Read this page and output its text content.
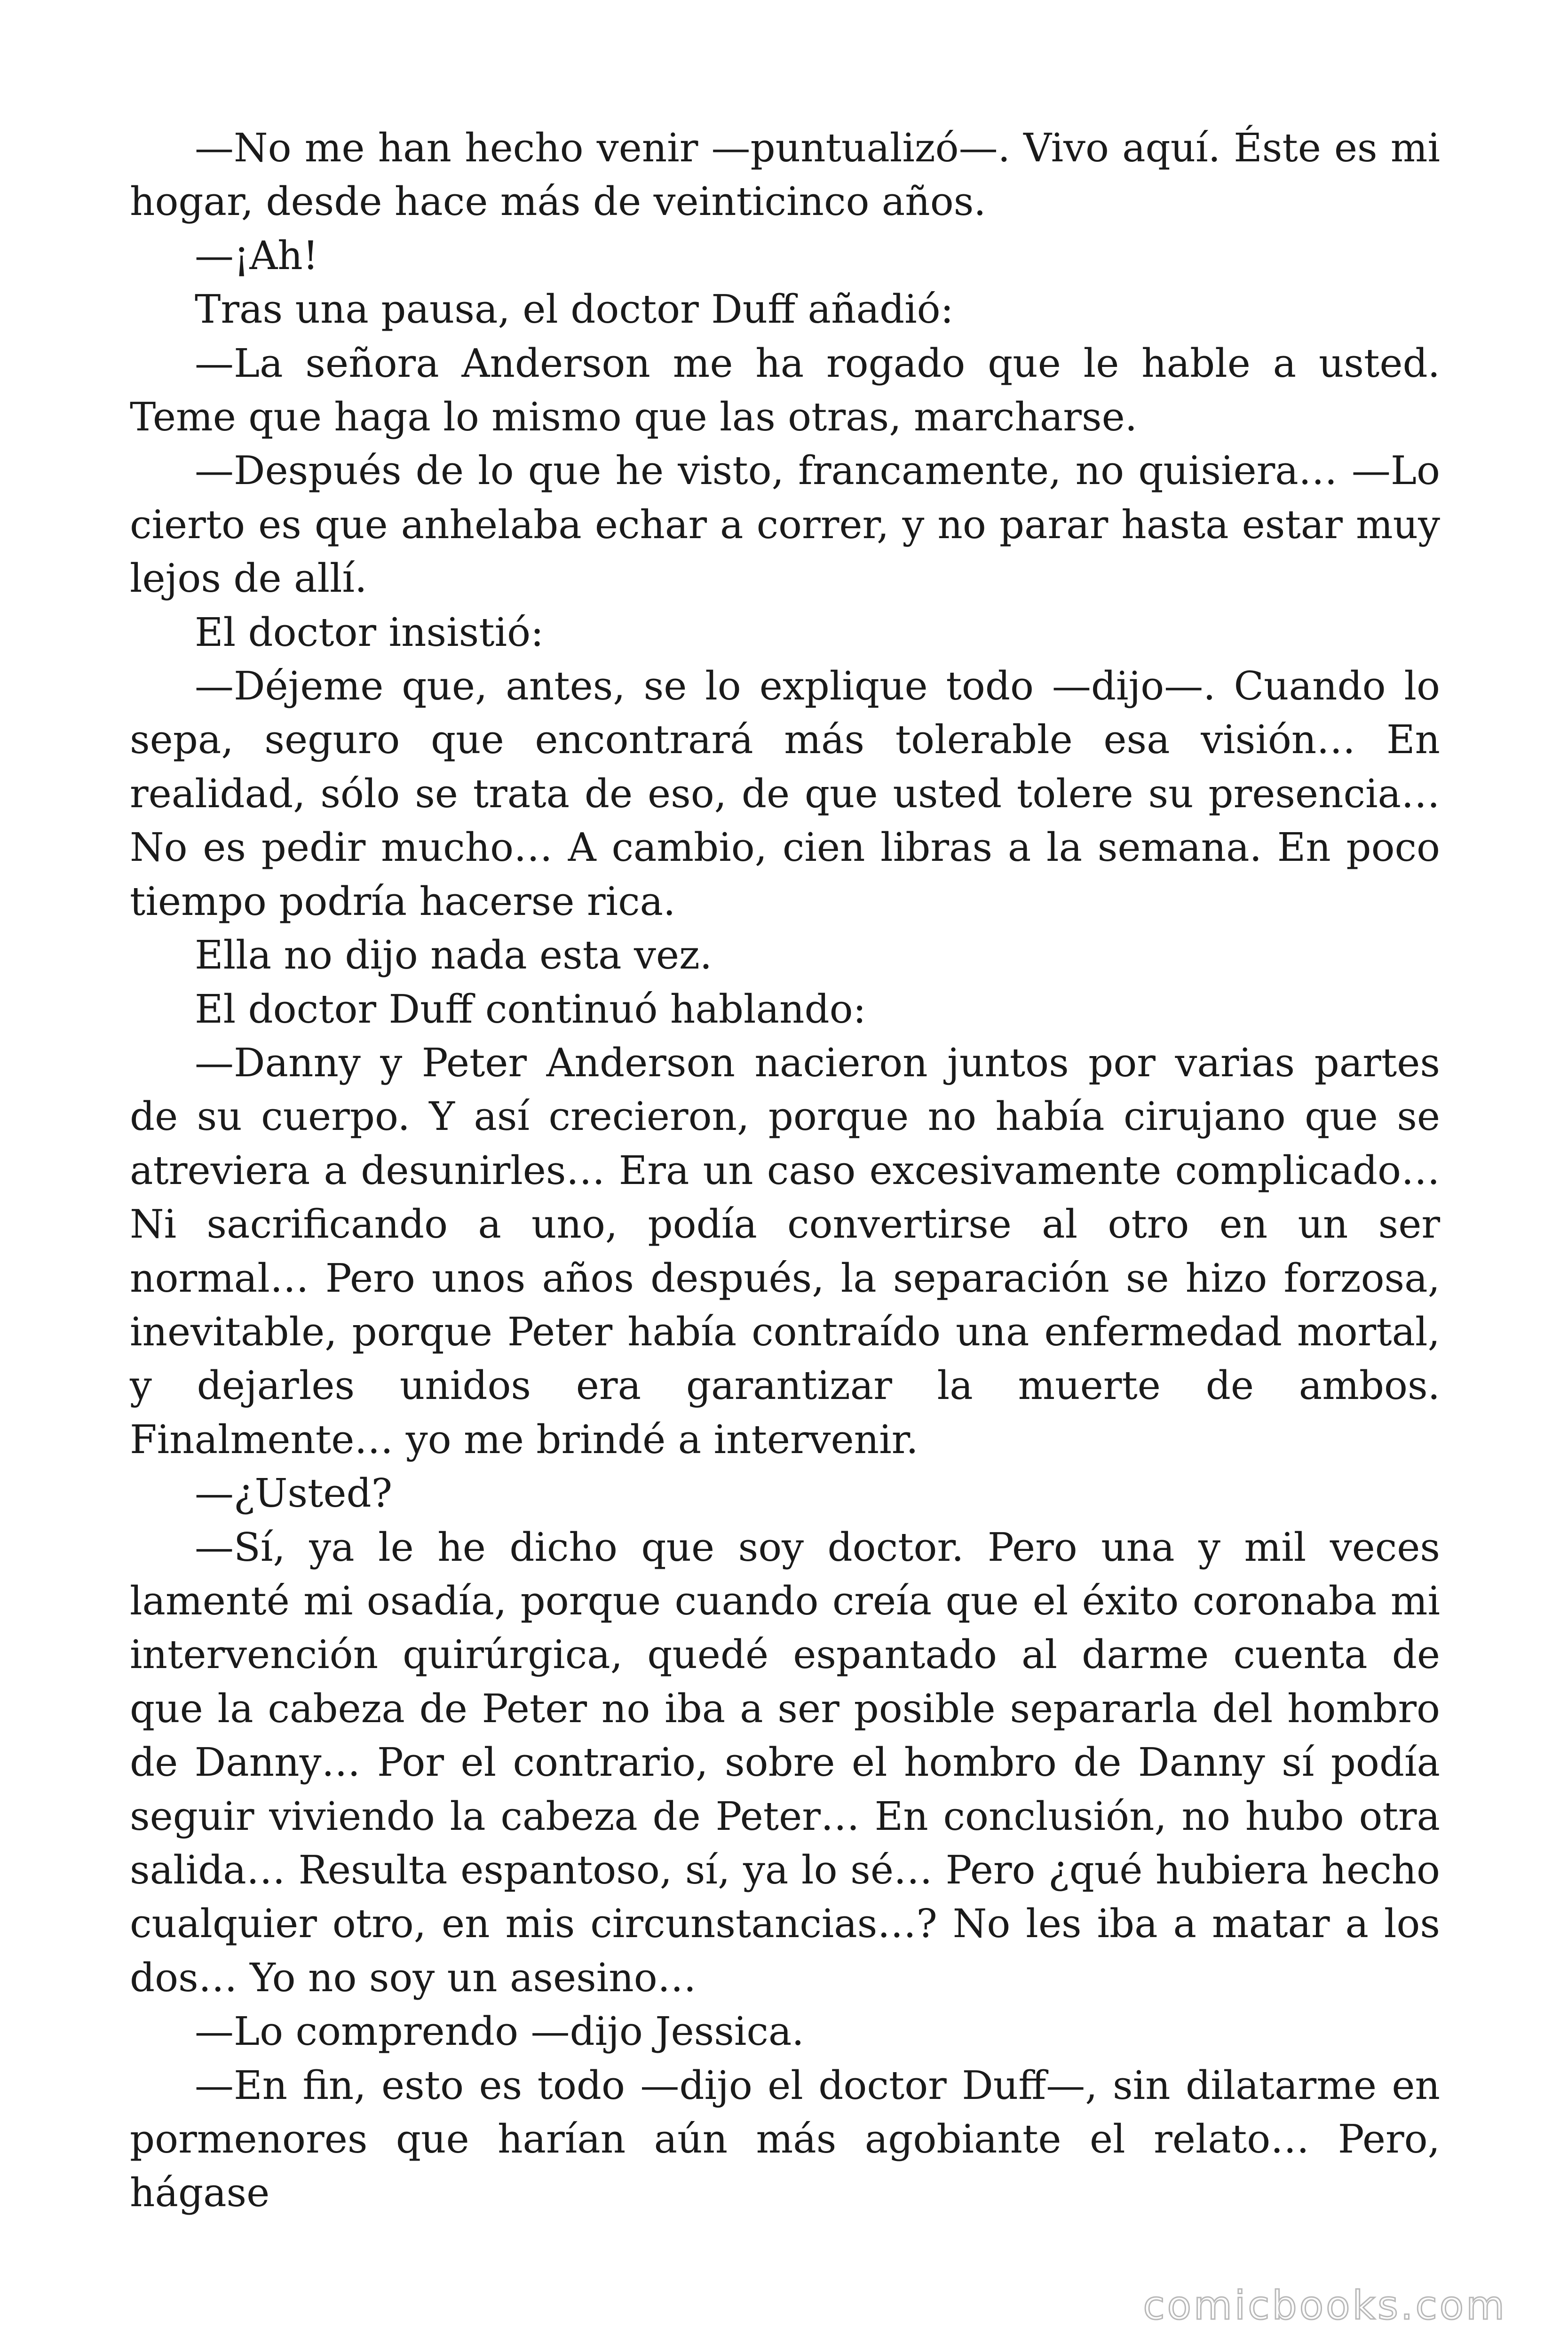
—No me han hecho venir —puntualizó—. Vivo aquí. Éste es mi hogar, desde hace más de veinticinco años.

—¡Ah!

Tras una pausa, el doctor Duff añadió:

—La señora Anderson me ha rogado que le hable a usted. Teme que haga lo mismo que las otras, marcharse.

—Después de lo que he visto, francamente, no quisiera… —Lo cierto es que anhelaba echar a correr, y no parar hasta estar muy lejos de allí.

El doctor insistió:

—Déjeme que, antes, se lo explique todo —dijo—. Cuando lo sepa, seguro que encontrará más tolerable esa visión… En realidad, sólo se trata de eso, de que usted tolere su presencia… No es pedir mucho… A cambio, cien libras a la semana. En poco tiempo podría hacerse rica.

Ella no dijo nada esta vez.

El doctor Duff continuó hablando:

—Danny y Peter Anderson nacieron juntos por varias partes de su cuerpo. Y así crecieron, porque no había cirujano que se atreviera a desunirles… Era un caso excesivamente complicado… Ni sacrificando a uno, podía convertirse al otro en un ser normal… Pero unos años después, la separación se hizo forzosa, inevitable, porque Peter había contraído una enfermedad mortal, y dejarles unidos era garantizar la muerte de ambos. Finalmente… yo me brindé a intervenir.

—¿Usted?

—Sí, ya le he dicho que soy doctor. Pero una y mil veces lamenté mi osadía, porque cuando creía que el éxito coronaba mi intervención quirúrgica, quedé espantado al darme cuenta de que la cabeza de Peter no iba a ser posible separarla del hombro de Danny… Por el contrario, sobre el hombro de Danny sí podía seguir viviendo la cabeza de Peter… En conclusión, no hubo otra salida… Resulta espantoso, sí, ya lo sé… Pero ¿qué hubiera hecho cualquier otro, en mis circunstancias…? No les iba a matar a los dos… Yo no soy un asesino…

—Lo comprendo —dijo Jessica.

—En fin, esto es todo —dijo el doctor Duff—, sin dilatarme en pormenores que harían aún más agobiante el relato… Pero, hágase

comicbooks.com
